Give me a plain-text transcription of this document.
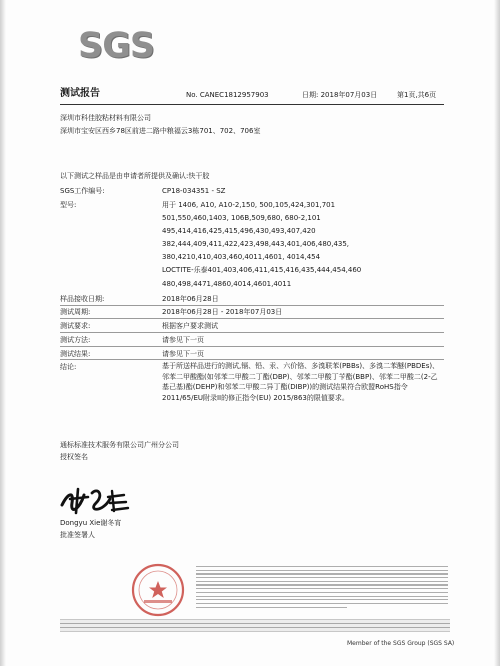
SGS
测试报告	No. CANEC1812957903	日期: 2018年07月03日	第1页,共6页
深圳市科佳胶粘材料有限公司
深圳市宝安区西乡78区前进二路中粮福云3栋701、702、706室
以下测试之样品是由申请者所提供及确认:快干胶
SGS工作编号:	CP18-034351 - SZ
型号:	用于 1406, A10, A10-2,150, 500,105,424,301,701
501,550,460,1403, 106B,509,680, 680-2,101
495,414,416,425,415,496,430,493,407,420
382,444,409,411,422,423,498,443,401,406,480,435,
380,4210,410,403,460,4011,4601, 4014,454
LOCTITE-乐泰401,403,406,411,415,416,435,444,454,460
480,498,4471,4860,4014,4601,4011
样品接收日期:	2018年06月28日
测试周期:	2018年06月28日 - 2018年07月03日
测试要求:	根据客户要求测试
测试方法:	请参见下一页
测试结果:	请参见下一页
结论:	基于所送样品进行的测试,镉、铅、汞、六价铬、多溴联苯(PBBs)、多溴二苯醚(PBDEs)、邻苯二甲酸酯(如邻苯二甲酸二丁酯(DBP)、邻苯二甲酸丁苄酯(BBP)、邻苯二甲酸二(2-乙基己基)酯(DEHP)和邻苯二甲酸二异丁酯(DIBP))的测试结果符合欧盟RoHS指令2011/65/EU附录II的修正指令(EU) 2015/863的限值要求。
通标标准技术服务有限公司广州分公司
授权签名
Dongyu Xie谢冬宵
批准签署人
Member of the SGS Group (SGS SA)
